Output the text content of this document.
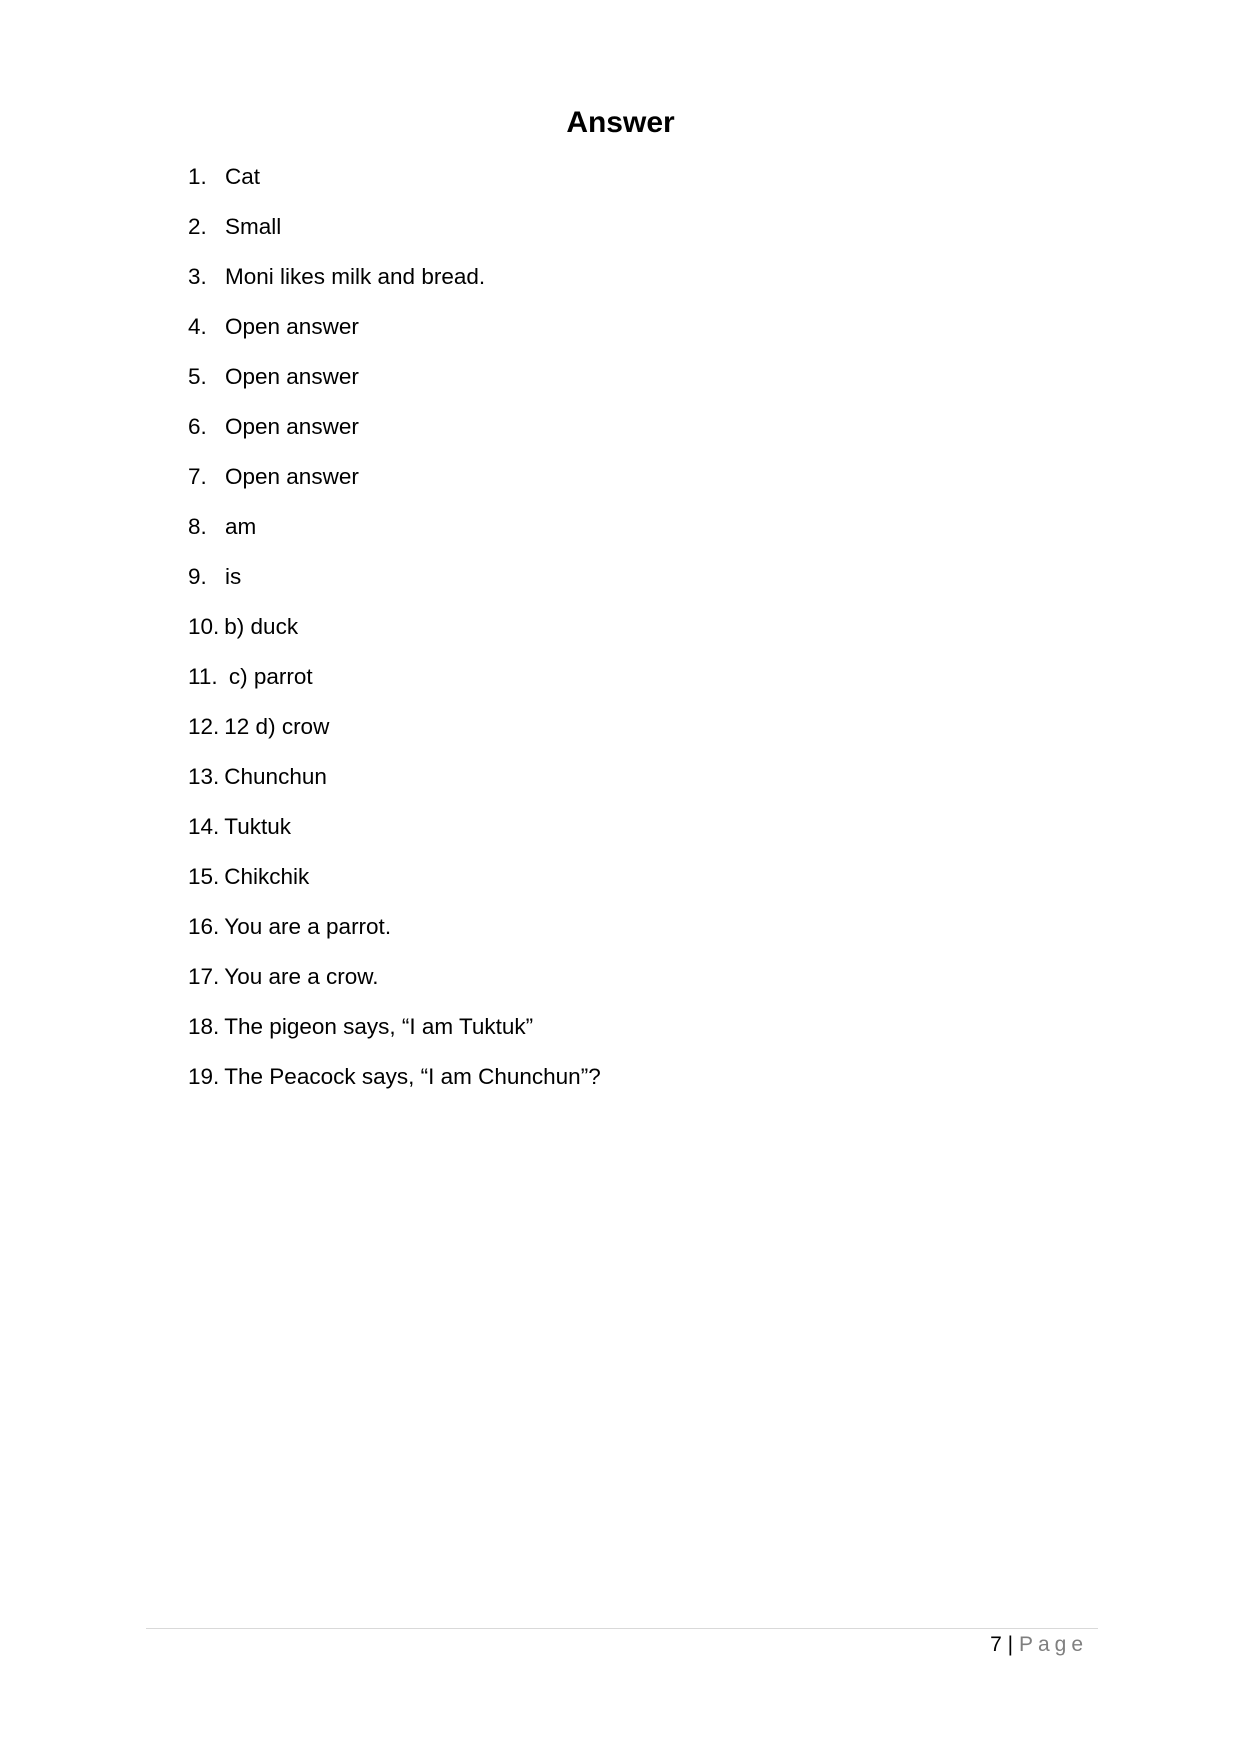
Answer
1. Cat
2. Small
3. Moni likes milk and bread.
4. Open answer
5. Open answer
6. Open answer
7. Open answer
8. am
9. is
10. b) duck
11. c) parrot
12. 12 d) crow
13. Chunchun
14. Tuktuk
15. Chikchik
16. You are a parrot.
17. You are a crow.
18. The pigeon says, “I am Tuktuk”
19. The Peacock says, “I am Chunchun”?
7 | Page
